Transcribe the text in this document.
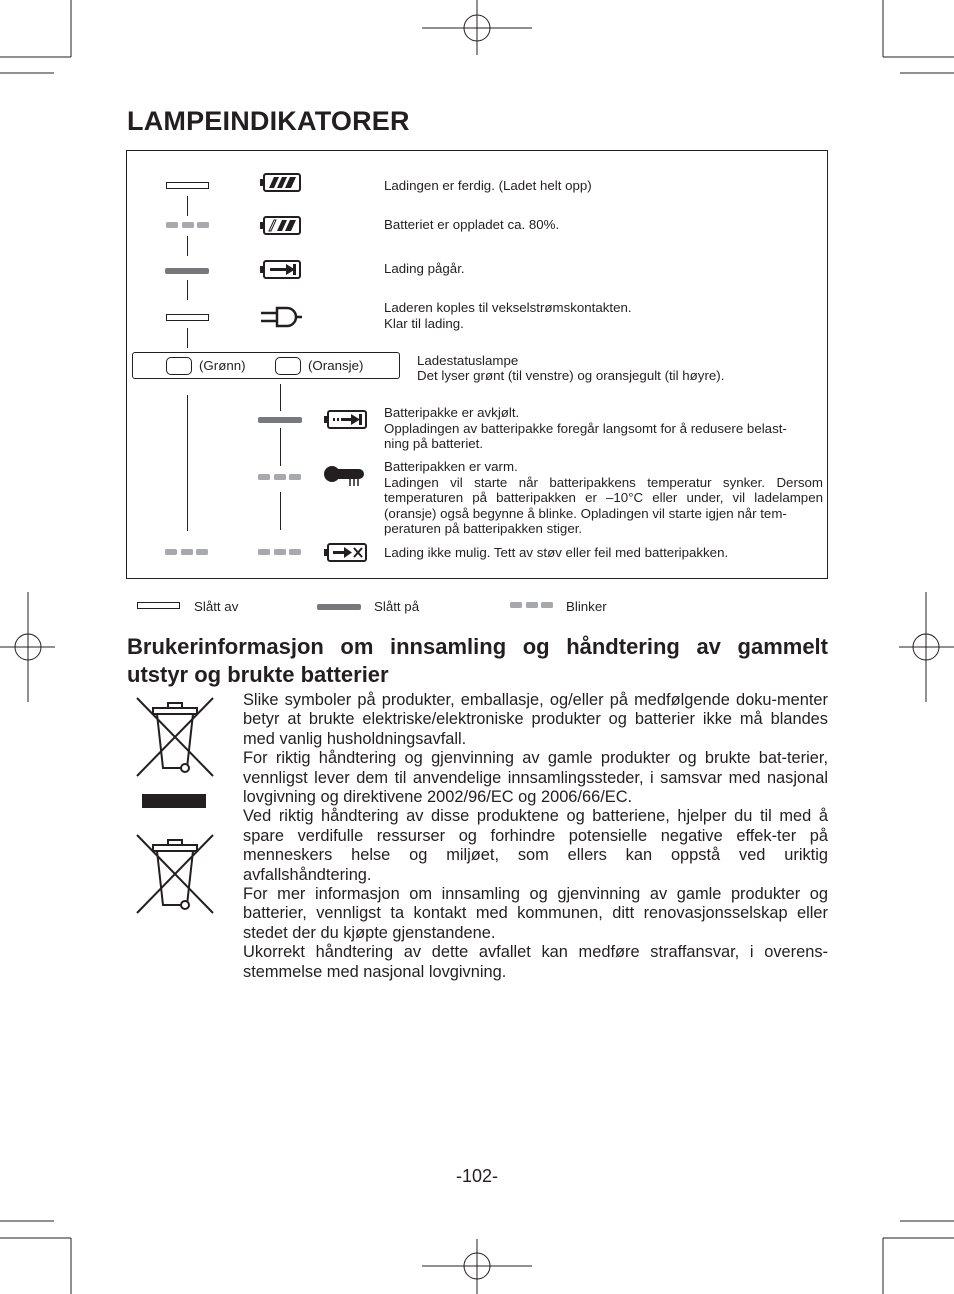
LAMPEINDIKATORER
Ladingen er ferdig. (Ladet helt opp)
Batteriet er oppladet ca. 80%.
Lading pågår.
Laderen koples til vekselstrømskontakten.
Klar til lading.
(Grønn)	(Oransje)	Ladestatuslampe
Det lyser grønt (til venstre) og oransjegult (til høyre).
Batteripakke er avkjølt.
Oppladingen av batteripakke foregår langsomt for å redusere belast-
ning på batteriet.
Batteripakken er varm.
Ladingen vil starte når batteripakkens temperatur synker. Dersom temperaturen på batteripakken er –10°C eller under, vil ladelampen (oransje) også begynne å blinke. Opladingen vil starte igjen når tem-
peraturen på batteripakken stiger.
Lading ikke mulig. Tett av støv eller feil med batteripakken.
Slått av	Slått på	Blinker
Brukerinformasjon om innsamling og håndtering av gammelt utstyr og brukte batterier

Slike symboler på produkter, emballasje, og/eller på medfølgende doku-menter betyr at brukte elektriske/elektroniske produkter og batterier ikke må blandes med vanlig husholdningsavfall.

For riktig håndtering og gjenvinning av gamle produkter og brukte bat-terier, vennligst lever dem til anvendelige innsamlingssteder, i samsvar med nasjonal lovgivning og direktivene 2002/96/EC og 2006/66/EC.

Ved riktig håndtering av disse produktene og batteriene, hjelper du til med å spare verdifulle ressurser og forhindre potensielle negative effek-ter på menneskers helse og miljøet, som ellers kan oppstå ved uriktig avfallshåndtering.

For mer informasjon om innsamling og gjenvinning av gamle produkter og batterier, vennligst ta kontakt med kommunen, ditt renovasjonsselskap eller stedet der du kjøpte gjenstandene.

Ukorrekt håndtering av dette avfallet kan medføre straffansvar, i overens-stemmelse med nasjonal lovgivning.

-102-
